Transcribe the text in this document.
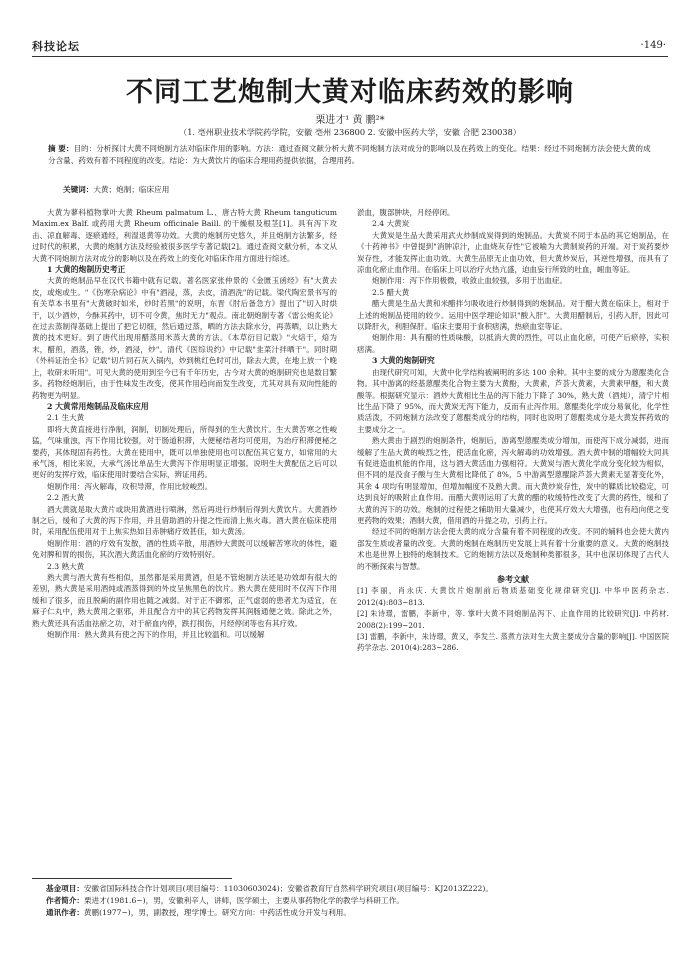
科技论坛	·149·
不同工艺炮制大黄对临床药效的影响
栗进才¹ 黄 鹏²*
（1. 亳州职业技术学院药学院，安徽 亳州 236800 2. 安徽中医药大学，安徽 合肥 230038）
摘 要：目的：分析探讨大黄不同炮制方法对临床作用的影响。方法：通过查阅文献分析大黄不同炮制方法对成分的影响以及在药效上的变化。结果：经过不同炮制方法会使大黄的成分含量、药效有着不同程度的改变。结论：为大黄饮片的临床合理用药提供依据，合理用药。
关键词：大黄；炮制；临床应用

大黄为蓼科植物掌叶大黄 Rheum palmatum L.、唐古特大黄 Rheum tanguticum Maxim.ex Balf. 或药用大黄 Rheum officinale Baill. 的干燥根及根茎[1]。具有泻下攻击、凉血解毒、逐瘀通经，利湿退黄等功效。大黄的炮制历史悠久，并且炮制方法繁多，经过时代的积累，大黄的炮制方法及经验被很多医学专著记载[2]。通过查阅文献分析，本文从大黄不同炮制方法对成分的影响以及在药效上的变化对临床作用方面进行综述。

1 大黄的炮制历史考正

大黄的炮制品早在汉代书籍中就有记载。著名医家张仲景的《金匮玉函经》有"大黄去皮，或炮或生。"《伤寒杂病论》中有"酒浸，蒸，去皮，清酒洗"的记载。梁代陶宏景书写的有关草本书里有"大黄破时如米，炒时若黑"的说明，东晋《肘后备急方》提出了"切入时烘干，以少酒炒，今酥其药中，切不可令黄，焦时无力"观点。南北朝炮制专著《雷公炮炙论》在过去蒸制得基础上提出了把它切细，然后通过蒸，晒的方法去除水分，再蒸晒，以让熟大黄的技术更好。到了唐代出现用醋蒸用米蒸大黄的方法。《本草衍目记载》"火焙干，焙为末，醋煎，酒蒸，锉，炒，酒浸，炒"。清代《医综说约》中记载"韭菜汁拌晒干"。同时期《外科证治全书》记载"切片同石灰入锅内，炒到桃红色时可出，除去大黄，在地上放一个晚上，收研末听用"。可见大黄的使用到至今已有千年历史，古今对大黄的炮制研究也是数目繁多。药物经炮制后，由于性味发生改变，使其作用趋向而发生改变，尤其对具有双向性能的药物更为明显。

2 大黄常用炮制品及临床应用
2.1 生大黄

即将大黄直接进行净制，润制，切制处理后，所得到的生大黄饮片。生大黄苦寒之性峻猛，气味重浊，泻下作用比较强，对于肠道积滞，大便秘结者均可使用，为治疗积滞便秘之要药，其体现固有药性。大黄在使用中，既可以单独使用也可以配伍其它复方，如常用的大承气汤，相比来说，大承气汤比单品生大黄泻下作用明显正增强。说明生大黄配伍之后可以更好的发挥疗效，临床使用时要结合实际，辨证用药。

炮制作用：泻火解毒，攻积导滞，作用比较峻烈。

2.2 酒大黄

酒大黄就是取大黄片或块用黄酒进行喷淋，然后再进行炒制后得到大黄饮片。大黄酒炒制之后，缓和了大黄的泻下作用，并且借助酒的升提之性而清上焦火毒。酒大黄在临床使用时，采用配伍使用对于上焦实热如目赤肿痛疗效甚佳，如大黄汤。

炮制作用：酒的疗效有发散，酒的性质辛散，用酒炒大黄既可以缓解苦寒攻的体性，避免对脾和胃的损伤，其次酒大黄活血化瘀的疗效特别好。

2.3 熟大黄

熟大黄与酒大黄有些相似，虽然都是采用黄酒，但是不管炮制方法还是功效却有很大的差别，熟大黄是采用酒炖或酒蒸得到的外皮呈焦黑色的饮片。熟大黄在使用时不仅泻下作用缓和了很多，而且脱痢的副作用也随之减弱。对于正不御邪，正气虚弱的患者尤为适宜，在麻子仁丸中，熟大黄用之驱邪，并且配合方中的其它药物发挥其润肠通便之效。除此之外，熟大黄还具有活血祛瘀之功，对于瘀血内停，跌打损伤，月经停闭等也有其疗效。

炮制作用：熟大黄具有使之泻下的作用，并且比较温和。可以缓解

淤血，腹部肿块，月经停闭。

2.4 大黄炭

大黄炭是生品大黄采用武火炒制成炭得到的炮制品。大黄炭不同于本品的其它炮制品，在《十药神书》中曾提到"消肿凉汁，止血烧灰存性"它被喻为大黄制炭药的开端。对于炭药要炒炭存性，才能发挥止血功效。大黄生品原无止血功效，但大黄炒炭后，其逆性增强，而具有了凉血化瘀止血作用。在临床上可以治疗火热亢盛，迫血妄行所致的吐血，衄血等证。

炮制作用：泻下作用极微，收敛止血较强，多用于出血症。

2.5 醋大黄

醋大黄是生品大黄和米醋拌匀吸收进行炒制得到的炮制品。对于醋大黄在临床上，相对于上述的炮制品使用的较少。运用中医学理论知识"酸入肝"。大黄用醋制后，引药入肝，因此可以降肝火，利胆保肝。临床主要用于食积痞满，热瘀血室等证。

炮制作用：具有醋的性质味酸，以抵消大黄的烈性，可以止血化瘀，可使产后瘀停，实积痞满。

3 大黄的炮制研究

由现代研究可知，大黄中化学结构被阐明的多达 100 余种。其中主要的成分为蒽醌类化合物。其中游离的经基蒽醌类化合物主要为大黄酚，大黄素，芦荟大黄素，大黄素甲醚，和大黄酸等。根据研究显示：酒炒大黄相比生品的泻下能力下降了 30%，熟大黄（酒炖），清宁片相比生品下降了 95%，而大黄炭无泻下能力，反而有止泻作用。蒽醌类化学成分易氧化，化学性质活泼，不同炮制方法改变了蒽醌类成分的结构，同时也说明了蒽醌类成分是大黄发挥药效的主要成分之一。

熟大黄由于剧烈的炮制条件，炮制后，游离型蒽醌类成分增加，而使泻下成分减弱，进而缓解了生品大黄的峻烈之性，使活血化瘀，泻火解毒的功效增强。酒大黄中制的增幅较大同具有促进造血机能的作用，这与酒大黄活血力强相符。大黄炭与酒大黄化学成分变化较为相似，但不同的是没食子酸与生大黄相比降低了 8%，5 中游离型蒽醌除芦荟大黄素无显著变化外，其余 4 项均有明显增加，但增加幅度不及熟大黄。而大黄炒炭存性，炭中的鞣质比较稳定，可达到良好的吸附止血作用。而醋大黄则运用了大黄的醋的收缓特性改变了大黄的药性，缓和了大黄的泻下的功效。炮制的过程使之辅助用大量减少，也使其疗效大大增强，也有趋向使之变更药物的效果；酒制大黄，借用酒的升提之功，引药上行。

经过不同的炮制方法会使大黄的成分含量有着不同程度的改变。不同的辅料也会使大黄内部发生质或者量的改变。大黄的炮制在炮制历史发展上具有着十分重要的意义。大黄的炮制技术也是世界上独特的炮制技术。它的炮制方法以及炮制种类都很多，其中也深切体现了古代人的不断探索与智慧。

参考文献

[1] 李丽，肖永庆. 大黄饮片炮制前后物质基础变化规律研究[J]. 中华中医药杂志. 2012(4):803~813.

[2] 朱诗璟，雷鹏，李新中，等. 掌叶大黄不同炮制品泻下、止血作用的比较研究[J]. 中药材. 2008(2):199~201.

[3] 雷鹏，李新中，朱诗璟，黄又，李发兰. 蒸煮方法对生大黄主要成分含量的影响[J]. 中国医院药学杂志. 2010(4):283~286.

基金项目：安徽省国际科技合作计划项目(项目编号：11030603024)；安徽省教育厅自然科学研究项目(项目编号：KJ2013Z222)。
作者简介：栗进才(1981.6~)，男，安徽利辛人，讲师，医学硕士，主要从事药物化学的教学与科研工作。
通讯作者：黄鹏(1977~)，男，副教授，理学博士。研究方向：中药活性成分开发与利用。
